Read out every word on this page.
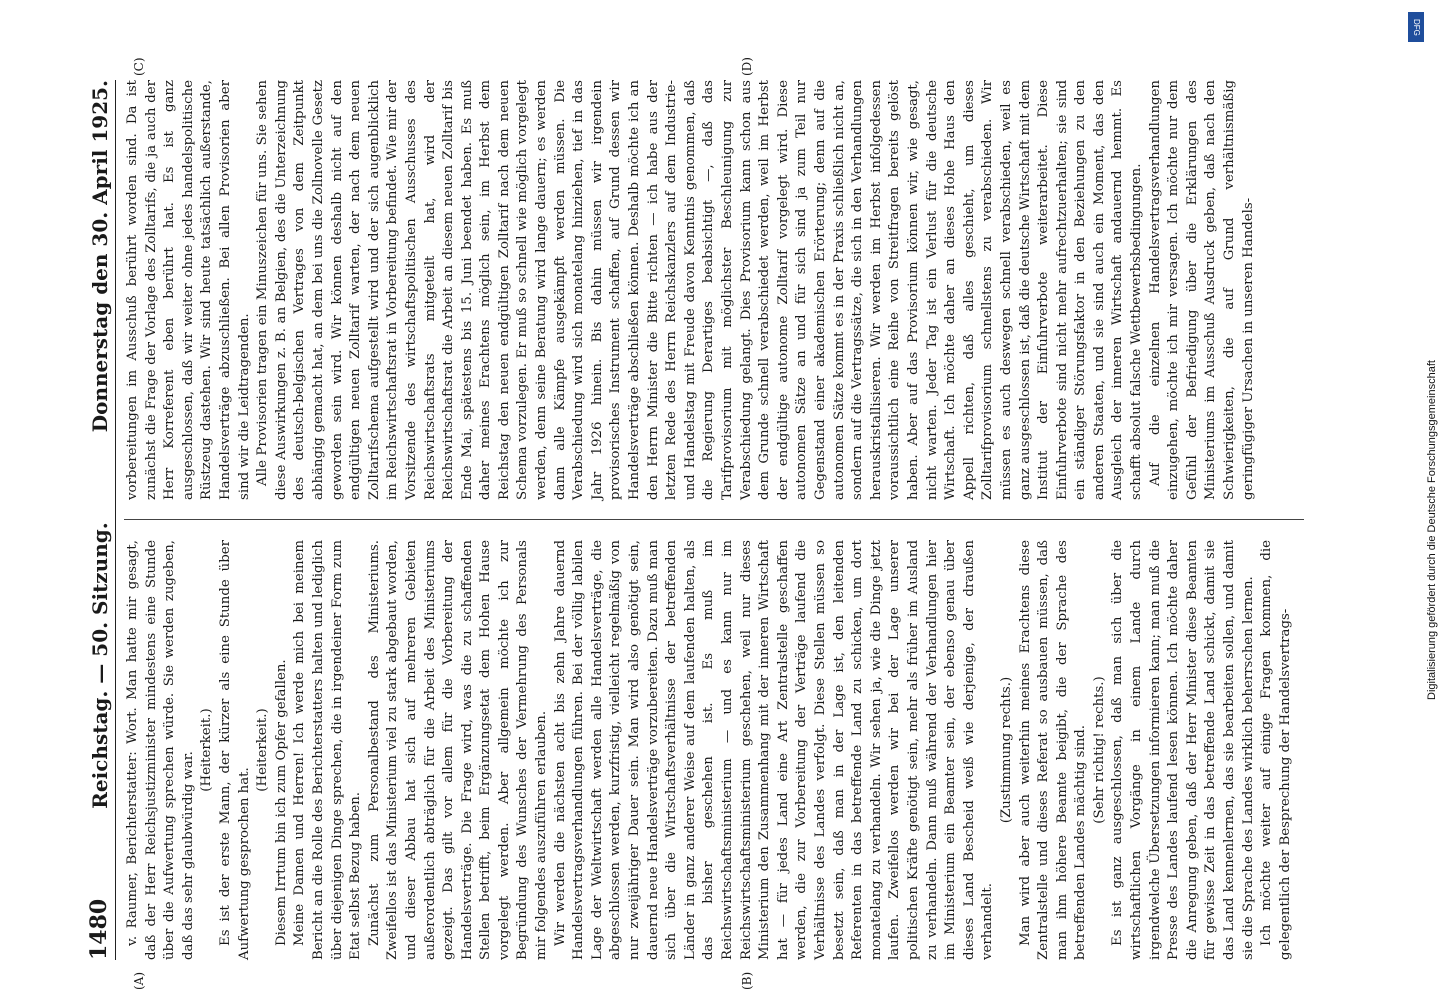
1480
Reichstag. — 50. Sitzung.
Donnerstag den 30. April 1925.

v. Raumer, Berichterstatter: Wort. Man hatte mir gesagt, daß der Herr Reichsjustizminister mindestens eine Stunde über die Aufwertung sprechen würde. Sie werden zugeben, daß das sehr glaubwürdig war.

(Heiterkeit.) Es ist der erste Mann, der kürzer als eine Stunde über Aufwertung gesprochen hat.

(Heiterkeit.) Diesem Irrtum bin ich zum Opfer gefallen. Meine Damen und Herren! Ich werde mich bei meinem Bericht an die Rolle des Berichterstatters halten und lediglich über diejenigen Dinge sprechen, die in irgendeiner Form zum Etat selbst Bezug haben. Zunächst zum Personalbestand des Ministeriums. Zweifellos ist das Ministerium viel zu stark abgebaut worden, und dieser Abbau hat sich auf mehreren Gebieten außerordentlich abträglich für die Arbeit des Ministeriums gezeigt. Das gilt vor allem für die Vorbereitung der Handelsverträge. Die Frage wird, was die zu schaffenden Stellen betrifft, beim Ergänzungsetat dem Hohen Hause vorgelegt werden. Aber allgemein möchte ich zur Begründung des Wunsches der Vermehrung des Personals mir folgendes auszuführen erlauben. Wir werden die nächsten acht bis zehn Jahre dauernd Handelsvertragsverhandlungen führen. Bei der völlig labilen Lage der Weltwirtschaft werden alle Handelsverträge, die abgeschlossen werden, kurzfristig, vielleicht regelmäßig von nur zweijähriger Dauer sein. Man wird also genötigt sein, dauernd neue Handelsverträge vorzubereiten. Dazu muß man sich über die Wirtschaftsverhältnisse der betreffenden Länder in ganz anderer Weise auf dem laufenden halten, als das bisher geschehen ist. Es muß im Reichswirtschaftsministerium — und es kann nur im Reichswirtschaftsministerium geschehen, weil nur dieses Ministerium den Zusammenhang mit der inneren Wirtschaft hat — für jedes Land eine Art Zentralstelle geschaffen werden, die zur Vorbereitung der Verträge laufend die Verhältnisse des Landes verfolgt. Diese Stellen müssen so besetzt sein, daß man in der Lage ist, den leitenden Referenten in das betreffende Land zu schicken, um dort monatelang zu verhandeln. Wir sehen ja, wie die Dinge jetzt laufen. Zweifellos werden wir bei der Lage unserer politischen Kräfte genötigt sein, mehr als früher im Ausland zu verhandeln. Dann muß während der Verhandlungen hier im Ministerium ein Beamter sein, der ebenso genau über dieses Land Bescheid weiß wie derjenige, der draußen verhandelt.

(Zustimmung rechts.) Man wird aber auch weiterhin meines Erachtens diese Zentralstelle und dieses Referat so ausbauen müssen, daß man ihm höhere Beamte beigibt, die der Sprache des betreffenden Landes mächtig sind. (Sehr richtig! rechts.) Es ist ganz ausgeschlossen, daß man sich über die wirtschaftlichen Vorgänge in einem Lande durch irgendwelche Übersetzungen informieren kann; man muß die Presse des Landes laufend lesen können. Ich möchte daher die Anregung geben, daß der Herr Minister diese Beamten für gewisse Zeit in das betreffende Land schickt, damit sie das Land kennenlernen, das sie bearbeiten sollen, und damit sie die Sprache des Landes wirklich beherrschen lernen. Ich möchte weiter auf einige Fragen kommen, die gelegentlich der Besprechung der Handelsvertrags-

vorbereitungen im Ausschuß berührt worden sind. Da ist zunächst die Frage der Vorlage des Zolltarifs, die ja auch der Herr Korreferent eben berührt hat. Es ist ganz ausgeschlossen, daß wir weiter ohne jedes handelspolitische Rüstzeug dastehen. Wir sind heute tatsächlich außerstande, Handelsverträge abzuschließen. Bei allen Provisorien aber sind wir die Leidtragenden. Alle Provisorien tragen ein Minuszeichen für uns. Sie sehen diese Auswirkungen z. B. an Belgien, des die Unterzeichnung des deutsch-belgischen Vertrages von dem Zeitpunkt abhängig gemacht hat, an dem bei uns die Zollnovelle Gesetz geworden sein wird. Wir können deshalb nicht auf den endgültigen neuen Zolltarif warten, der nach dem neuen Zolltarifschema aufgestellt wird und der sich augenblicklich im Reichswirtschaftsrat in Vorbereitung befindet. Wie mir der Vorsitzende des wirtschaftspolitischen Ausschusses des Reichswirtschaftsrats mitgeteilt hat, wird der Reichswirtschaftsrat die Arbeit an diesem neuen Zolltarif bis Ende Mai, spätestens bis 15. Juni beendet haben. Es muß daher meines Erachtens möglich sein, im Herbst dem Reichstag den neuen endgültigen Zolltarif nach dem neuen Schema vorzulegen. Er muß so schnell wie möglich vorgelegt werden, denn seine Beratung wird lange dauern; es werden dann alle Kämpfe ausgekämpft werden müssen. Die Verabschiedung wird sich monatelang hinziehen, tief in das Jahr 1926 hinein. Bis dahin müssen wir irgendein provisorisches Instrument schaffen, auf Grund dessen wir Handelsverträge abschließen können. Deshalb möchte ich an den Herrn Minister die Bitte richten — ich habe aus der letzten Rede des Herrn Reichskanzlers auf dem Industrie- und Handelstag mit Freude davon Kenntnis genommen, daß die Regierung Derartiges beabsichtigt —, daß das Tarifprovisorium mit möglichster Beschleunigung zur Verabschiedung gelangt. Dies Provisorium kann schon aus dem Grunde schnell verabschiedet werden, weil im Herbst der endgültige autonome Zolltarif vorgelegt wird. Diese autonomen Sätze an und für sich sind ja zum Teil nur Gegenstand einer akademischen Erörterung; denn auf die autonomen Sätze kommt es in der Praxis schließlich nicht an, sondern auf die Vertragssätze, die sich in den Verhandlungen herauskristallisieren. Wir werden im Herbst infolgedessen voraussichtlich eine Reihe von Streitfragen bereits gelöst haben. Aber auf das Provisorium können wir, wie gesagt, nicht warten. Jeder Tag ist ein Verlust für die deutsche Wirtschaft. Ich möchte daher an dieses Hohe Haus den Appell richten, daß alles geschieht, um dieses Zolltarifprovisorium schnellstens zu verabschieden. Wir müssen es auch deswegen schnell verabschieden, weil es ganz ausgeschlossen ist, daß die deutsche Wirtschaft mit dem Institut der Einfuhrverbote weiterarbeitet. Diese Einfuhrverbote sind nicht mehr aufrechtzuerhalten; sie sind ein ständiger Störungsfaktor in den Beziehungen zu den anderen Staaten, und sie sind auch ein Moment, das den Ausgleich der inneren Wirtschaft andauernd hemmt. Es schafft absolut falsche Wettbewerbsbedingungen. Auf die einzelnen Handelsvertragsverhandlungen einzugehen, möchte ich mir versagen. Ich möchte nur dem Gefühl der Befriedigung über die Erklärungen des Ministeriums im Ausschuß Ausdruck geben, daß nach den Schwierigkeiten, die auf Grund verhältnismäßig geringfügiger Ursachen in unseren Handels-

(A)	(B)
(C)	(D)
DFG
Digitalisierung gefördert durch die Deutsche Forschungsgemeinschaft
